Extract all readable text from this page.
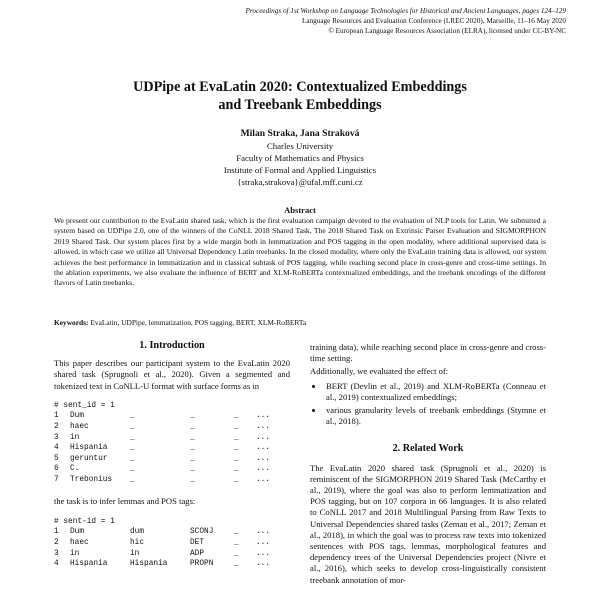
Proceedings of 1st Workshop on Language Technologies for Historical and Ancient Languages, pages 124–129
Language Resources and Evaluation Conference (LREC 2020), Marseille, 11–16 May 2020
© European Language Resources Association (ELRA), licensed under CC-BY-NC
UDPipe at EvaLatin 2020: Contextualized Embeddings
and Treebank Embeddings
Milan Straka, Jana Straková
Charles University
Faculty of Mathematics and Physics
Institute of Formal and Applied Linguistics
{straka,strakova}@ufal.mff.cuni.cz
Abstract
We present our contribution to the EvaLatin shared task, which is the first evaluation campaign devoted to the evaluation of NLP tools for Latin. We submitted a system based on UDPipe 2.0, one of the winners of the CoNLL 2018 Shared Task, The 2018 Shared Task on Extrinsic Parser Evaluation and SIGMORPHON 2019 Shared Task. Our system places first by a wide margin both in lemmatization and POS tagging in the open modality, where additional supervised data is allowed, in which case we utilize all Universal Dependency Latin treebanks. In the closed modality, where only the EvaLatin training data is allowed, our system achieves the best performance in lemmatization and in classical subtask of POS tagging, while reaching second place in cross-genre and cross-time settings. In the ablation experiments, we also evaluate the influence of BERT and XLM-RoBERTa contextualized embeddings, and the treebank encodings of the different flavors of Latin treebanks.
Keywords: EvaLatin, UDPipe, lemmatization, POS tagging, BERT, XLM-RoBERTa
1. Introduction
This paper describes our participant system to the EvaLatin 2020 shared task (Sprugnoli et al., 2020). Given a segmented and tokenized text in CoNLL-U format with surface forms as in
# sent_id = 1
1 Dum	_	_	_ ...
2 haec	_	_	_ ...
3 in	_	_	_ ...
4 Hispania	_	_	_ ...
5 geruntur	_	_	_ ...
6 C.	_	_	_ ...
7 Trebonius _	_	_ ...
the task is to infer lemmas and POS tags:
# sent-id = 1
1 Dum	dum	SCONJ	_ ...
2 haec	hic	DET	_ ...
3 in	in	ADP	_ ...
4 Hispania	Hispania	PROPN	_ ...
training data), while reaching second place in cross-genre and cross-time setting.
Additionally, we evaluated the effect of:
• BERT (Devlin et al., 2019) and XLM-RoBERTa (Conneau et al., 2019) contextualized embeddings;
• various granularity levels of treebank embeddings (Stymne et al., 2018).
2. Related Work
The EvaLatin 2020 shared task (Sprugnoli et al., 2020) is reminiscent of the SIGMORPHON 2019 Shared Task (McCarthy et al., 2019), where the goal was also to perform lemmatization and POS tagging, but on 107 corpora in 66 languages. It is also related to CoNLL 2017 and 2018 Multilingual Parsing from Raw Texts to Universal Dependencies shared tasks (Zeman et al., 2017; Zeman et al., 2018), in which the goal was to process raw texts into tokenized sentences with POS tags, lemmas, morphological features and dependency trees of the Universal Dependencies project (Nivre et al., 2016), which seeks to develop cross-linguistically consistent treebank annotation of mor-
